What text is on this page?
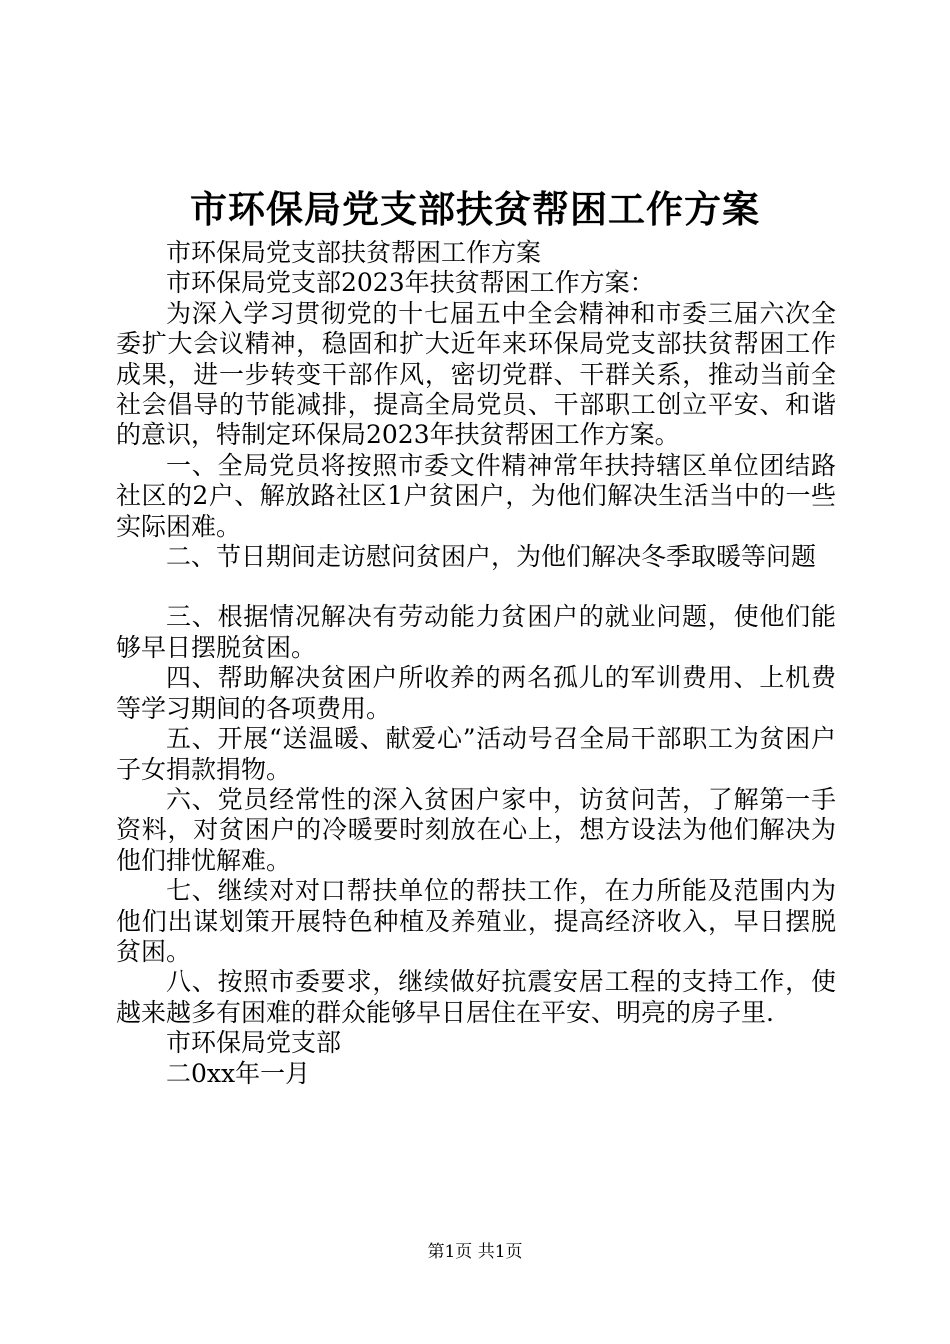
市环保局党支部扶贫帮困工作方案

市环保局党支部扶贫帮困工作方案

市环保局党支部2023年扶贫帮困工作方案：

为深入学习贯彻党的十七届五中全会精神和市委三届六次全委扩大会议精神，稳固和扩大近年来环保局党支部扶贫帮困工作成果，进一步转变干部作风，密切党群、干群关系，推动当前全社会倡导的节能减排，提高全局党员、干部职工创立平安、和谐的意识，特制定环保局2023年扶贫帮困工作方案。

一、全局党员将按照市委文件精神常年扶持辖区单位团结路社区的2户、解放路社区1户贫困户，为他们解决生活当中的一些实际困难。

二、节日期间走访慰问贫困户，为他们解决冬季取暖等问题

三、根据情况解决有劳动能力贫困户的就业问题，使他们能够早日摆脱贫困。

四、帮助解决贫困户所收养的两名孤儿的军训费用、上机费等学习期间的各项费用。

五、开展“送温暖、献爱心”活动号召全局干部职工为贫困户子女捐款捐物。

六、党员经常性的深入贫困户家中，访贫问苦，了解第一手资料，对贫困户的冷暖要时刻放在心上，想方设法为他们解决为他们排忧解难。

七、继续对对口帮扶单位的帮扶工作，在力所能及范围内为他们出谋划策开展特色种植及养殖业，提高经济收入，早日摆脱贫困。

八、按照市委要求，继续做好抗震安居工程的支持工作，使越来越多有困难的群众能够早日居住在平安、明亮的房子里.

市环保局党支部

二0xx年一月

第1页 共1页
